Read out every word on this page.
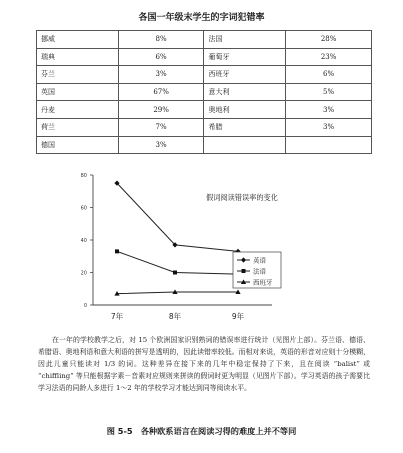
各国一年级末学生的字词犯错率
挪威	8%	法国	28%
瑞典	6%	葡萄牙	23%
芬兰	3%	西班牙	6%
英国	67%	意大利	5%
丹麦	29%	奥地利	3%
荷兰	7%	希腊	3%
德国	3%		
0
20
40
60
80
7年	8年	9年
假词阅读错误率的变化
英语
法语
西班牙

在一年的学校教学之后，对 15 个欧洲国家识别熟词的错误率进行统计（见图片上部）。芬兰语、德语、希腊语、奥地利语和意大利语的拼写是透明的，因此读错率较低。而相对来说，英语的形音对应则十分模糊，因此儿童只能读对 1/3 的词。这种差异在接下来的几年中稳定保持了下来，且在阅读 “balist” 或 “chiffling” 等只能根据字素－音素对应规则来拼读的假词时更为明显（见图片下部）。学习英语的孩子需要比学习法语的同龄人多进行 1～2 年的学校学习才能达到同等阅读水平。

图 5-5　各种欧系语言在阅读习得的难度上并不等同
